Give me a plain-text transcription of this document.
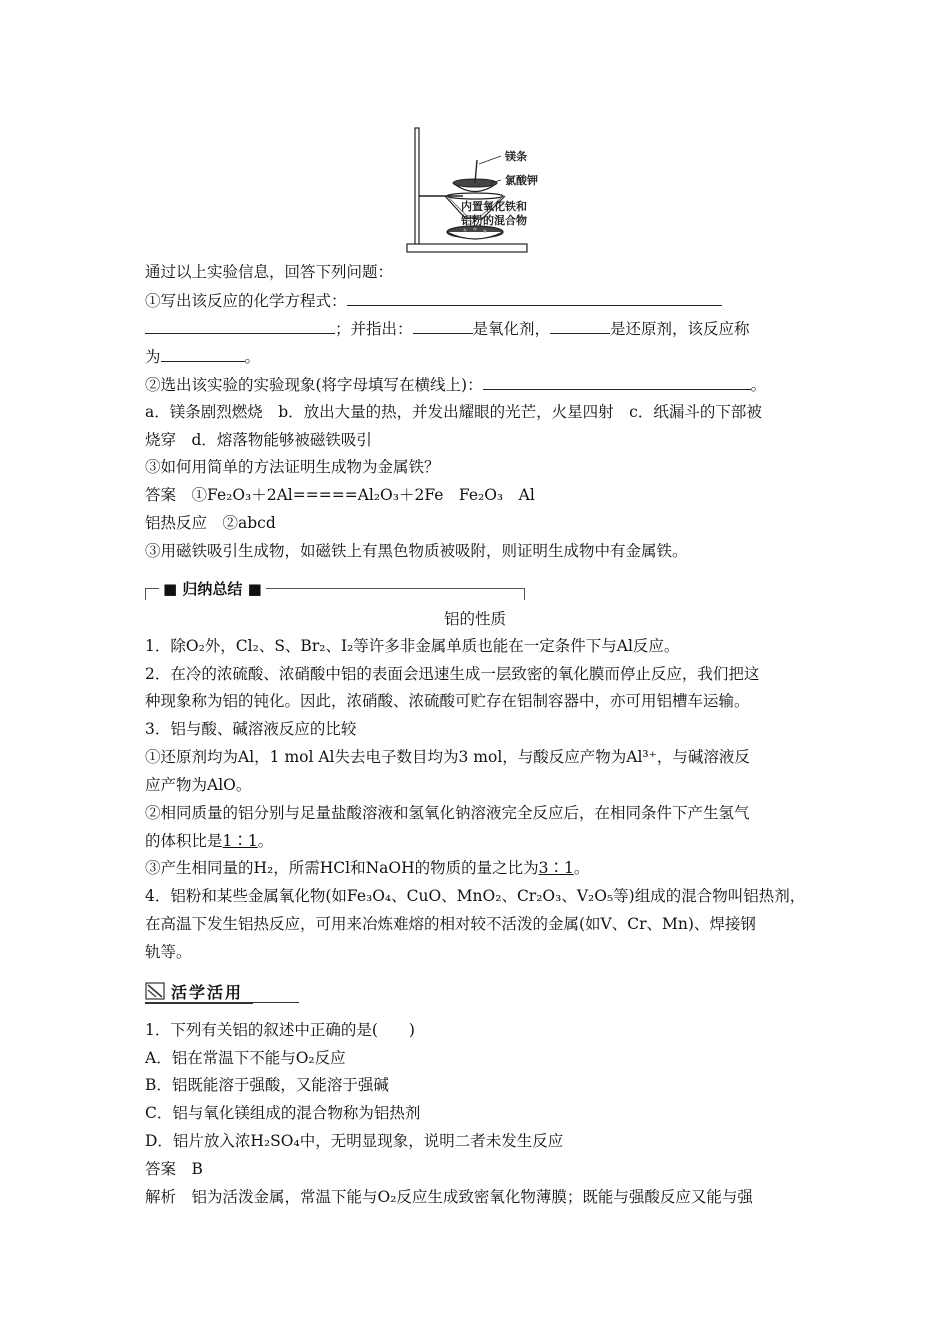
镁条
氯酸钾
内置氧化铁和
铝粉的混合物
通过以上实验信息，回答下列问题：
①写出该反应的化学方程式：
；并指出：	是氧化剂，	是还原剂，该反应称
为	。
②选出该实验的实验现象(将字母填写在横线上)：	。
a．镁条剧烈燃烧　b．放出大量的热，并发出耀眼的光芒，火星四射　c．纸漏斗的下部被
烧穿　d．熔落物能够被磁铁吸引
③如何用简单的方法证明生成物为金属铁？
答案　 ①Fe₂O₃＋2Al=====Al₂O₃＋2Fe　Fe₂O₃　Al
铝热反应　②abcd
③用磁铁吸引生成物，如磁铁上有黑色物质被吸附，则证明生成物中有金属铁。
■ 归纳总结 ■
铝的性质
1．除O₂外，Cl₂、S、Br₂、I₂等许多非金属单质也能在一定条件下与Al反应。
2．在冷的浓硫酸、浓硝酸中铝的表面会迅速生成一层致密的氧化膜而停止反应，我们把这
种现象称为铝的钝化。因此，浓硝酸、浓硫酸可贮存在铝制容器中，亦可用铝槽车运输。
3．铝与酸、碱溶液反应的比较
①还原剂均为Al，1 mol Al失去电子数目均为3 mol，与酸反应产物为Al³⁺，与碱溶液反
应产物为AlO。
②相同质量的铝分别与足量盐酸溶液和氢氧化钠溶液完全反应后，在相同条件下产生氢气
的体积比是1∶1。
③产生相同量的H₂，所需HCl和NaOH的物质的量之比为3∶1。
4．铝粉和某些金属氧化物(如Fe₃O₄、CuO、MnO₂、Cr₂O₃、V₂O₅等)组成的混合物叫铝热剂，
在高温下发生铝热反应，可用来冶炼难熔的相对较不活泼的金属(如V、Cr、Mn)、焊接钢
轨等。
活学活用
1．下列有关铝的叙述中正确的是(　　)
A．铝在常温下不能与O₂反应
B．铝既能溶于强酸，又能溶于强碱
C．铝与氧化镁组成的混合物称为铝热剂
D．铝片放入浓H₂SO₄中，无明显现象，说明二者未发生反应
答案　B
解析　铝为活泼金属，常温下能与O₂反应生成致密氧化物薄膜；既能与强酸反应又能与强
